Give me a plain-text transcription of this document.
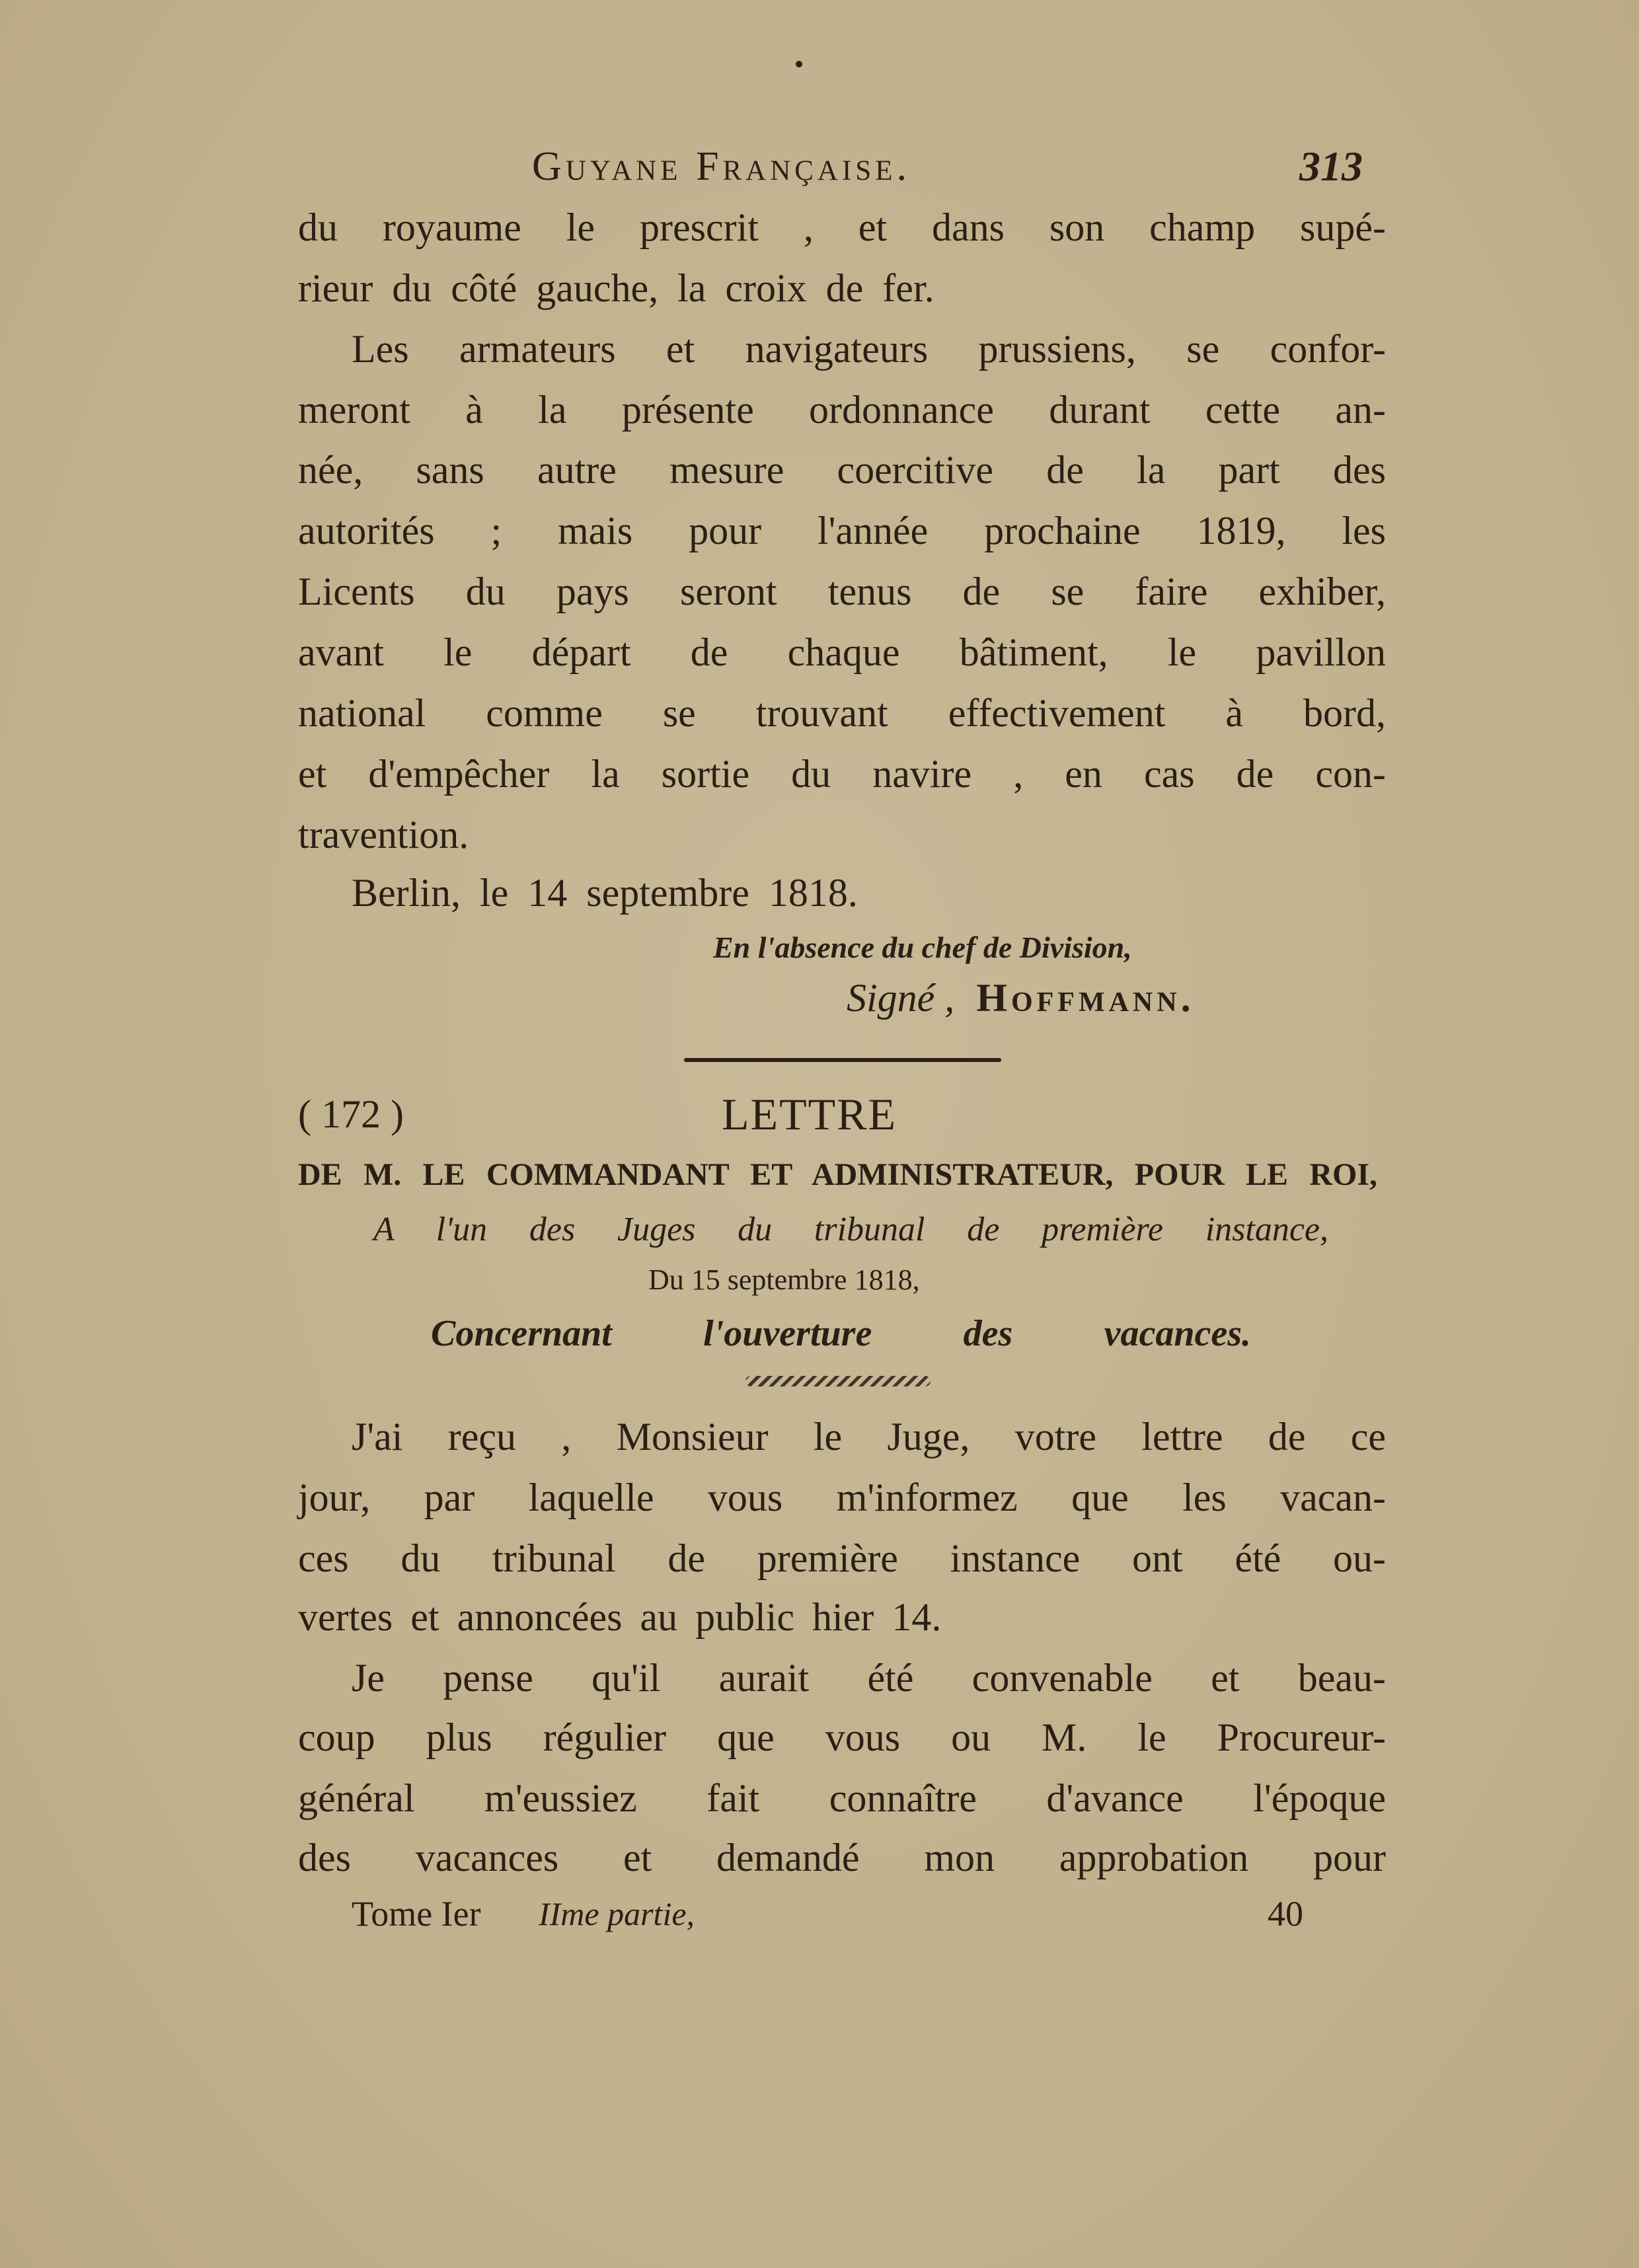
Guyane Française.	313
du royaume le prescrit , et dans son champ supé-
rieur du côté gauche, la croix de fer.
Les armateurs et navigateurs prussiens, se confor-
meront à la présente ordonnance durant cette an-
née, sans autre mesure coercitive de la part des
autorités ; mais pour l'année prochaine 1819, les
Licents du pays seront tenus de se faire exhiber,
avant le départ de chaque bâtiment, le pavillon
national comme se trouvant effectivement à bord,
et d'empêcher la sortie du navire , en cas de con-
travention.
Berlin, le 14 septembre 1818.
En l'absence du chef de Division,
Signé , Hoffmann.
( 172 )	LETTRE
DE M. LE COMMANDANT ET ADMINISTRATEUR, POUR LE ROI,
A l'un des Juges du tribunal de première instance,
Du 15 septembre 1818,
Concernant l'ouverture des vacances.
J'ai reçu , Monsieur le Juge, votre lettre de ce
jour, par laquelle vous m'informez que les vacan-
ces du tribunal de première instance ont été ou-
vertes et annoncées au public hier 14.
Je pense qu'il aurait été convenable et beau-
coup plus régulier que vous ou M. le Procureur-
général m'eussiez fait connaître d'avance l'époque
des vacances et demandé mon approbation pour
Tome Ier IIme partie,	40
